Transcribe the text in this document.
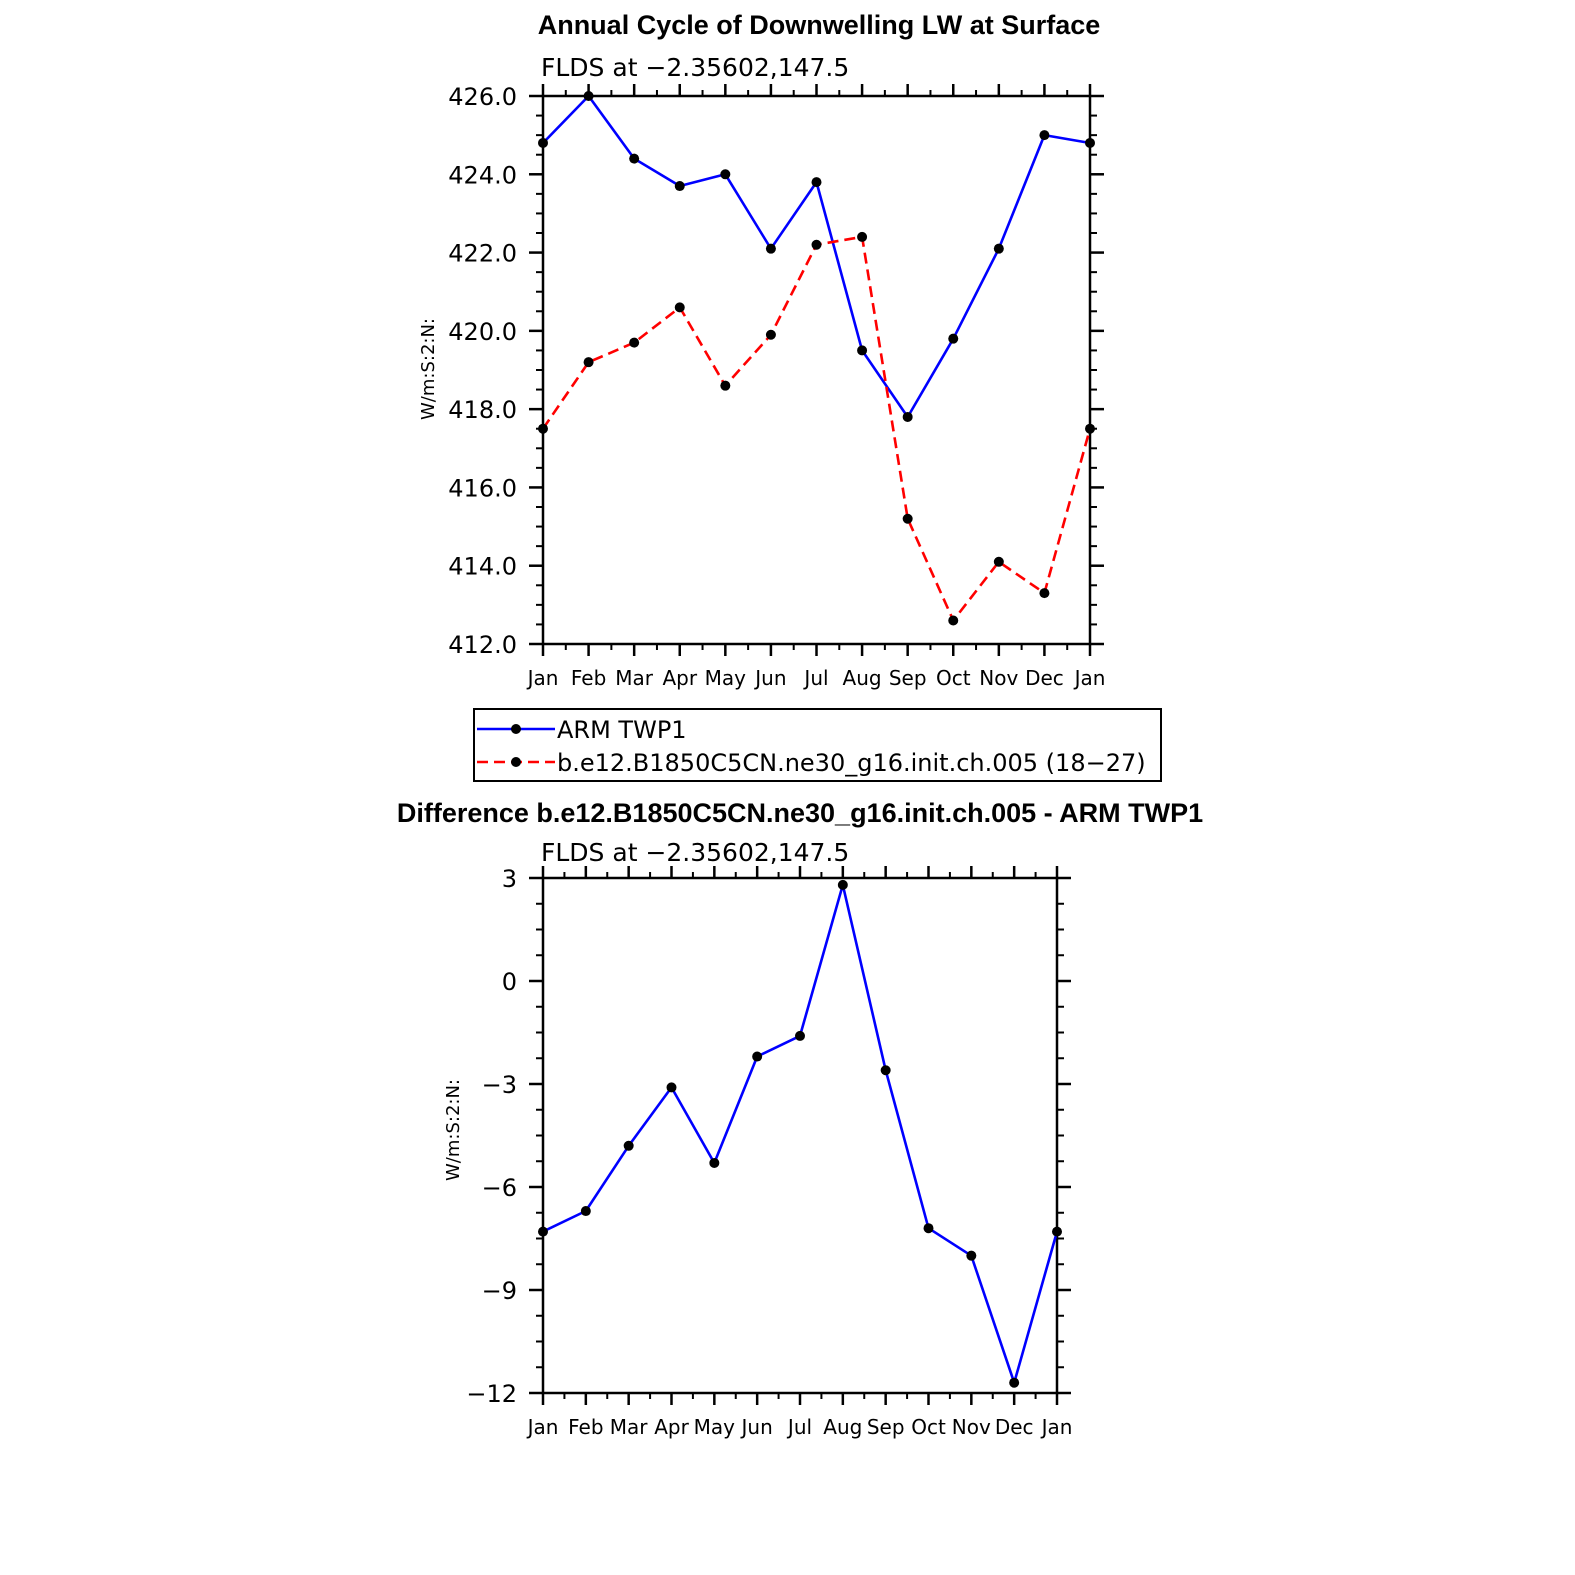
Annual Cycle of Downwelling LW at Surface
FLDS at −2.35602,147.5
Jan Feb Mar Apr May Jun Jul Aug Sep Oct Nov Dec Jan
412.0
414.0
416.0
418.0
420.0
422.0
424.0
426.0
W/m:S:2:N:
ARM TWP1
b.e12.B1850C5CN.ne30_g16.init.ch.005 (18−27)
Difference b.e12.B1850C5CN.ne30_g16.init.ch.005 - ARM TWP1
FLDS at −2.35602,147.5
Jan Feb Mar Apr May Jun Jul Aug Sep Oct Nov Dec Jan
−12
−9
−6
−3
0
3
W/m:S:2:N:
